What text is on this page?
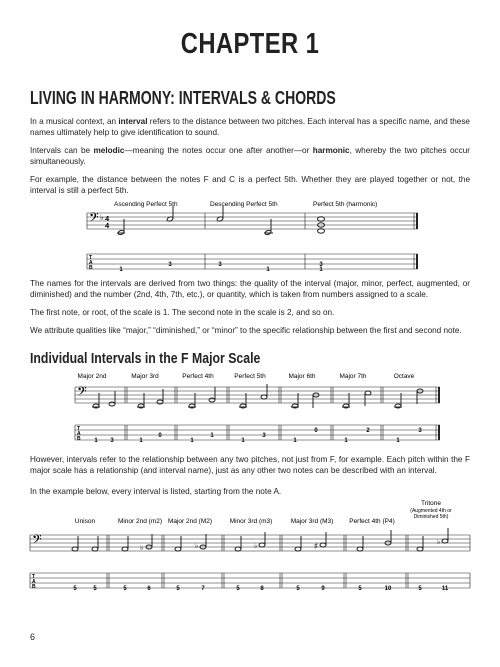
CHAPTER 1
LIVING IN HARMONY: INTERVALS & CHORDS
In a musical context, an interval refers to the distance between two pitches. Each interval has a specific name, and these names ultimately help to give identification to sound.
Intervals can be melodic—meaning the notes occur one after another—or harmonic, whereby the two pitches occur simultaneously.
For example, the distance between the notes F and C is a perfect 5th. Whether they are played together or not, the interval is still a perfect 5th.
The names for the intervals are derived from two things: the quality of the interval (major, minor, perfect, augmented, or diminished) and the number (2nd, 4th, 7th, etc.), or quantity, which is taken from numbers assigned to a scale.
The first note, or root, of the scale is 1. The second note in the scale is 2, and so on.
We attribute qualities like “major,” “diminished,” or “minor” to the specific relationship between the first and second note.
Individual Intervals in the F Major Scale
However, intervals refer to the relationship between any two pitches, not just from F, for example. Each pitch within the F major scale has a relationship (and interval name), just as any other two notes can be described with an interval.
In the example below, every interval is listed, starting from the note A.
6
Ascending Perfect 5th	Descending Perfect 5th	Perfect 5th (harmonic)
𝄢 ♭ 4
4
T
A
B	1
3	3
1
3
1
Major 2nd	Major 3rd	Perfect 4th	Perfect 5th	Major 6th	Major 7th	Octave
𝄢
T
A
B 1 3	1
0
1
1
1
3
1
0
1
2
1
3
Unison	Minor 2nd (m2) Major 2nd (M2)	Minor 3rd (m3)	Major 3rd (M3) Perfect 4th (P4)
Tritone
(Augmented 4th or
Diminished 5th)
𝄢	♭	♭	♭	♯
♭
T
A
B	5	5	5	6	5	7	5	8	5	9	5	10	5	11
